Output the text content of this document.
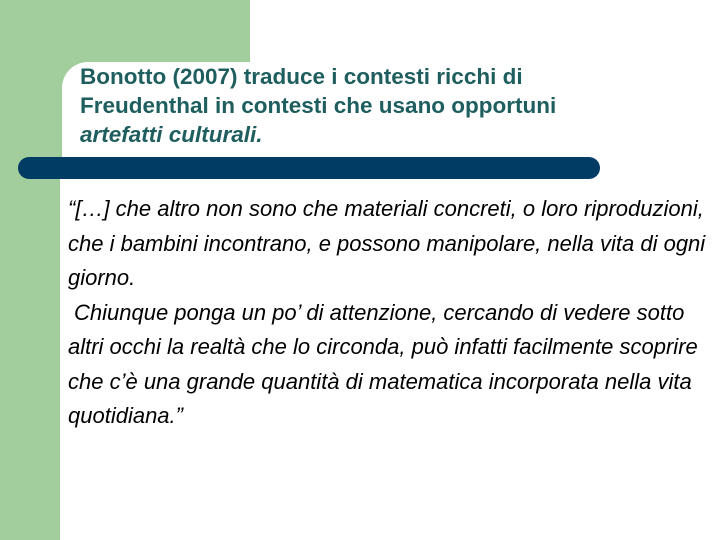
Bonotto (2007) traduce i contesti ricchi di
Freudenthal in contesti che usano opportuni
artefatti culturali.

“[…] che altro non sono che materiali concreti, o loro riproduzioni, che i bambini incontrano, e possono manipolare, nella vita di ogni giorno.

Chiunque ponga un po’ di attenzione, cercando di vedere sotto altri occhi la realtà che lo circonda, può infatti facilmente scoprire che c’è una grande quantità di matematica incorporata nella vita quotidiana.”
